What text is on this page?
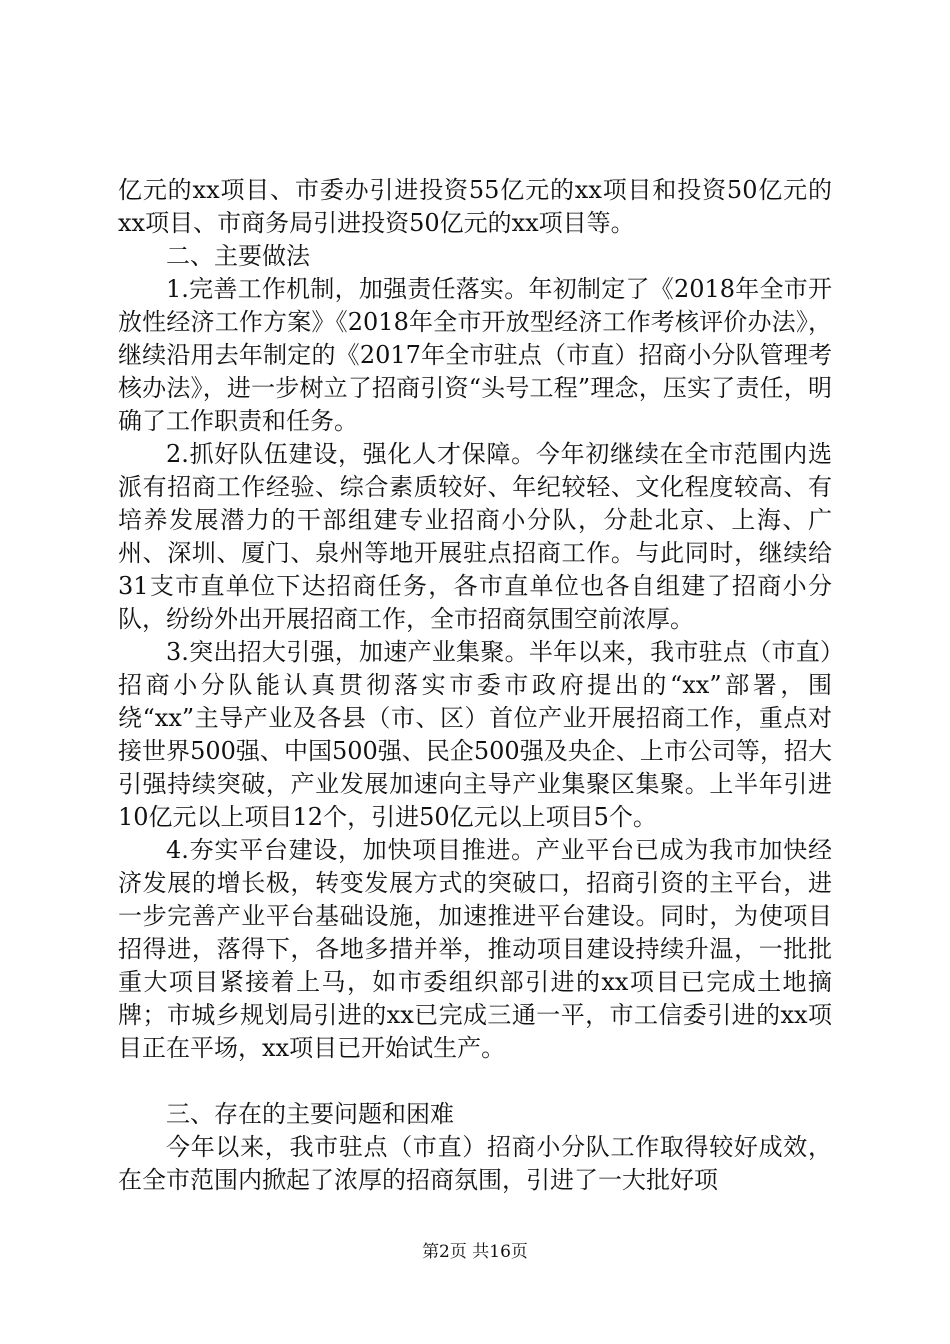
亿元的xx项目、市委办引进投资55亿元的xx项目和投资50亿元的xx项目、市商务局引进投资50亿元的xx项目等。

二、主要做法

1.完善工作机制，加强责任落实。年初制定了《2018年全市开放性经济工作方案》《2018年全市开放型经济工作考核评价办法》，继续沿用去年制定的《2017年全市驻点（市直）招商小分队管理考核办法》，进一步树立了招商引资“头号工程”理念，压实了责任，明确了工作职责和任务。

2.抓好队伍建设，强化人才保障。今年初继续在全市范围内选派有招商工作经验、综合素质较好、年纪较轻、文化程度较高、有培养发展潜力的干部组建专业招商小分队，分赴北京、上海、广州、深圳、厦门、泉州等地开展驻点招商工作。与此同时，继续给31支市直单位下达招商任务，各市直单位也各自组建了招商小分队，纷纷外出开展招商工作，全市招商氛围空前浓厚。

3.突出招大引强，加速产业集聚。半年以来，我市驻点（市直）招商小分队能认真贯彻落实市委市政府提出的“xx”部署，围绕“xx”主导产业及各县（市、区）首位产业开展招商工作，重点对接世界500强、中国500强、民企500强及央企、上市公司等，招大引强持续突破，产业发展加速向主导产业集聚区集聚。上半年引进10亿元以上项目12个，引进50亿元以上项目5个。

4.夯实平台建设，加快项目推进。产业平台已成为我市加快经济发展的增长极，转变发展方式的突破口，招商引资的主平台，进一步完善产业平台基础设施，加速推进平台建设。同时，为使项目招得进，落得下，各地多措并举，推动项目建设持续升温，一批批重大项目紧接着上马，如市委组织部引进的xx项目已完成土地摘牌；市城乡规划局引进的xx已完成三通一平，市工信委引进的xx项目正在平场，xx项目已开始试生产。

三、存在的主要问题和困难

今年以来，我市驻点（市直）招商小分队工作取得较好成效，在全市范围内掀起了浓厚的招商氛围，引进了一大批好项

第2页 共16页
